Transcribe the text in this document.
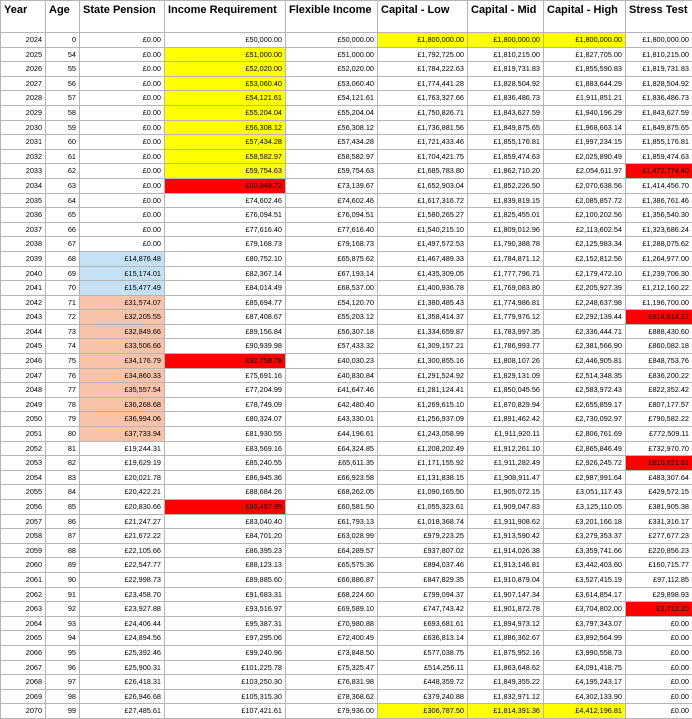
Year	Age	State Pension	Income Requirement	Flexible Income	Capital - Low	Capital - Mid	Capital - High	Stress Test
2024	0	£0.00	£50,000.00	£50,000.00	£1,800,000.00	£1,800,000.00	£1,800,000.00	£1,800,000.00
2025	54	£0.00	£51,000.00	£51,000.00	£1,792,725.00	£1,810,215.00	£1,827,705.00	£1,810,215.00
2026	55	£0.00	£52,020.00	£52,020.00	£1,784,222.63	£1,819,731.83	£1,855,590.83	£1,819,731.83
2027	56	£0.00	£53,060.40	£53,060.40	£1,774,441.28	£1,828,504.92	£1,883,644.29	£1,828,504.92
2028	57	£0.00	£54,121.61	£54,121.61	£1,763,327.66	£1,836,486.73	£1,911,851.21	£1,836,486.73
2029	58	£0.00	£55,204.04	£55,204.04	£1,750,826.71	£1,843,627.59	£1,940,196.29	£1,843,627.59
2030	59	£0.00	£56,308.12	£56,308.12	£1,736,881.56	£1,849,875.65	£1,968,663.14	£1,849,875.65
2031	60	£0.00	£57,434.28	£57,434.28	£1,721,433.46	£1,855,176.81	£1,997,234.15	£1,855,176.81
2032	61	£0.00	£58,582.97	£58,582.97	£1,704,421.75	£1,859,474.63	£2,025,890.49	£1,859,474.63
2033	62	£0.00	£59,754.63	£59,754.63	£1,685,783.80	£1,862,710.20	£2,054,611.97	£1,472,774.40
2034	63	£0.00	£60,949.72	£73,139.67	£1,652,903.04	£1,852,226.50	£2,070,638.56	£1,414,456.70
2035	64	£0.00	£74,602.46	£74,602.46	£1,617,316.72	£1,839,819.15	£2,085,857.72	£1,386,761.46
2036	65	£0.00	£76,094.51	£76,094.51	£1,580,265.27	£1,825,455.01	£2,100,202.56	£1,356,540.30
2037	66	£0.00	£77,616.40	£77,616.40	£1,540,215.10	£1,809,012.96	£2,113,602.54	£1,323,686.24
2038	67	£0.00	£79,168.73	£79,168.73	£1,497,572.53	£1,790,388.78	£2,125,983.34	£1,288,075.62
2039	68	£14,876.48	£80,752.10	£65,875.62	£1,467,489.33	£1,784,871.12	£2,152,812.56	£1,264,977.00
2040	69	£15,174.01	£82,367.14	£67,193.14	£1,435,309.05	£1,777,796.71	£2,179,472.10	£1,239,706.30
2041	70	£15,477.49	£84,014.49	£68,537.00	£1,400,936.78	£1,769,083.80	£2,205,927.39	£1,212,160.22
2042	71	£31,574.07	£85,694.77	£54,120.70	£1,380,485.43	£1,774,986.81	£2,248,637.98	£1,196,700.00
2043	72	£32,205.55	£87,408.67	£55,203.12	£1,358,414.37	£1,779,976.12	£2,292,139.44	£914,614.27
2044	73	£32,849.66	£89,156.84	£56,307.18	£1,334,659.87	£1,783,997.35	£2,336,444.71	£888,430.60
2045	74	£33,506.66	£90,939.98	£57,433.32	£1,309,157.21	£1,786,993.77	£2,381,566.90	£860,082.18
2046	75	£34,176.79	£92,758.78	£40,030.23	£1,300,855.16	£1,808,107.26	£2,446,905.81	£848,753.76
2047	76	£34,860.33	£75,691.16	£40,830.84	£1,291,524.92	£1,829,131.09	£2,514,348.35	£836,200.22
2048	77	£35,557.54	£77,204.99	£41,647.46	£1,281,124.41	£1,850,045.56	£2,583,972.43	£822,352.42
2049	78	£36,268.68	£78,749.09	£42,480.40	£1,269,615.10	£1,870,829.94	£2,655,859.17	£807,177.57
2050	79	£36,994.06	£80,324.07	£43,330.01	£1,256,937.09	£1,891,462.42	£2,730,092.97	£790,582.22
2051	80	£37,733.94	£81,930.55	£44,196.61	£1,243,058.99	£1,911,920.11	£2,806,761.69	£772,509.11
2052	81	£19,244.31	£83,569.16	£64,324.85	£1,208,202.49	£1,912,261.10	£2,865,846.49	£732,970.70
2053	82	£19,629.19	£85,240.55	£65,611.35	£1,171,155.92	£1,911,282.49	£2,926,245.72	£610,621.61
2054	83	£20,021.78	£86,945.36	£66,923.58	£1,131,838.15	£1,908,911.47	£2,987,991.64	£483,307.64
2055	84	£20,422.21	£88,684.26	£68,262.05	£1,090,165.50	£1,905,072.15	£3,051,117.43	£429,572.15
2056	85	£20,830.66	£90,457.95	£60,581.50	£1,055,323.61	£1,909,047.83	£3,125,110.05	£381,905.38
2057	86	£21,247.27	£83,040.40	£61,793.13	£1,018,368.74	£1,911,908.62	£3,201,166.18	£331,316.17
2058	87	£21,672.22	£84,701.20	£63,028.99	£979,223.25	£1,913,590.42	£3,279,353.37	£277,677.23
2059	88	£22,105.66	£86,395.23	£64,289.57	£937,807.02	£1,914,026.38	£3,359,741.66	£220,856.23
2060	89	£22,547.77	£88,123.13	£65,575.36	£894,037.46	£1,913,146.81	£3,442,403.60	£160,715.77
2061	90	£22,998.73	£89,885.60	£66,886.87	£847,829.35	£1,910,879.04	£3,527,415.19	£97,112.85
2062	91	£23,458.70	£91,683.31	£68,224.60	£799,094.37	£1,907,147.34	£3,614,854.17	£29,898.93
2063	92	£23,927.88	£93,516.97	£69,589.10	£747,743.42	£1,901,872.78	£3,704,802.00	£2,712.20
2064	93	£24,406.44	£95,387.31	£70,980.88	£693,681.61	£1,894,973.12	£3,797,343.07	£0.00
2065	94	£24,894.56	£97,295.06	£72,400.49	£636,813.14	£1,886,362.67	£3,892,564.99	£0.00
2066	95	£25,392.46	£99,240.96	£73,848.50	£577,038.75	£1,875,952.16	£3,990,558.73	£0.00
2067	96	£25,900.31	£101,225.78	£75,325.47	£514,256.11	£1,863,648.62	£4,091,418.75	£0.00
2068	97	£26,418.31	£103,250.30	£76,831.98	£448,359.72	£1,849,355.22	£4,195,243.17	£0.00
2069	98	£26,946.68	£105,315.30	£78,368.62	£379,240.88	£1,832,971.12	£4,302,133.90	£0.00
2070	99	£27,485.61	£107,421.61	£79,936.00	£306,787.50	£1,814,391.36	£4,412,196.81	£0.00
